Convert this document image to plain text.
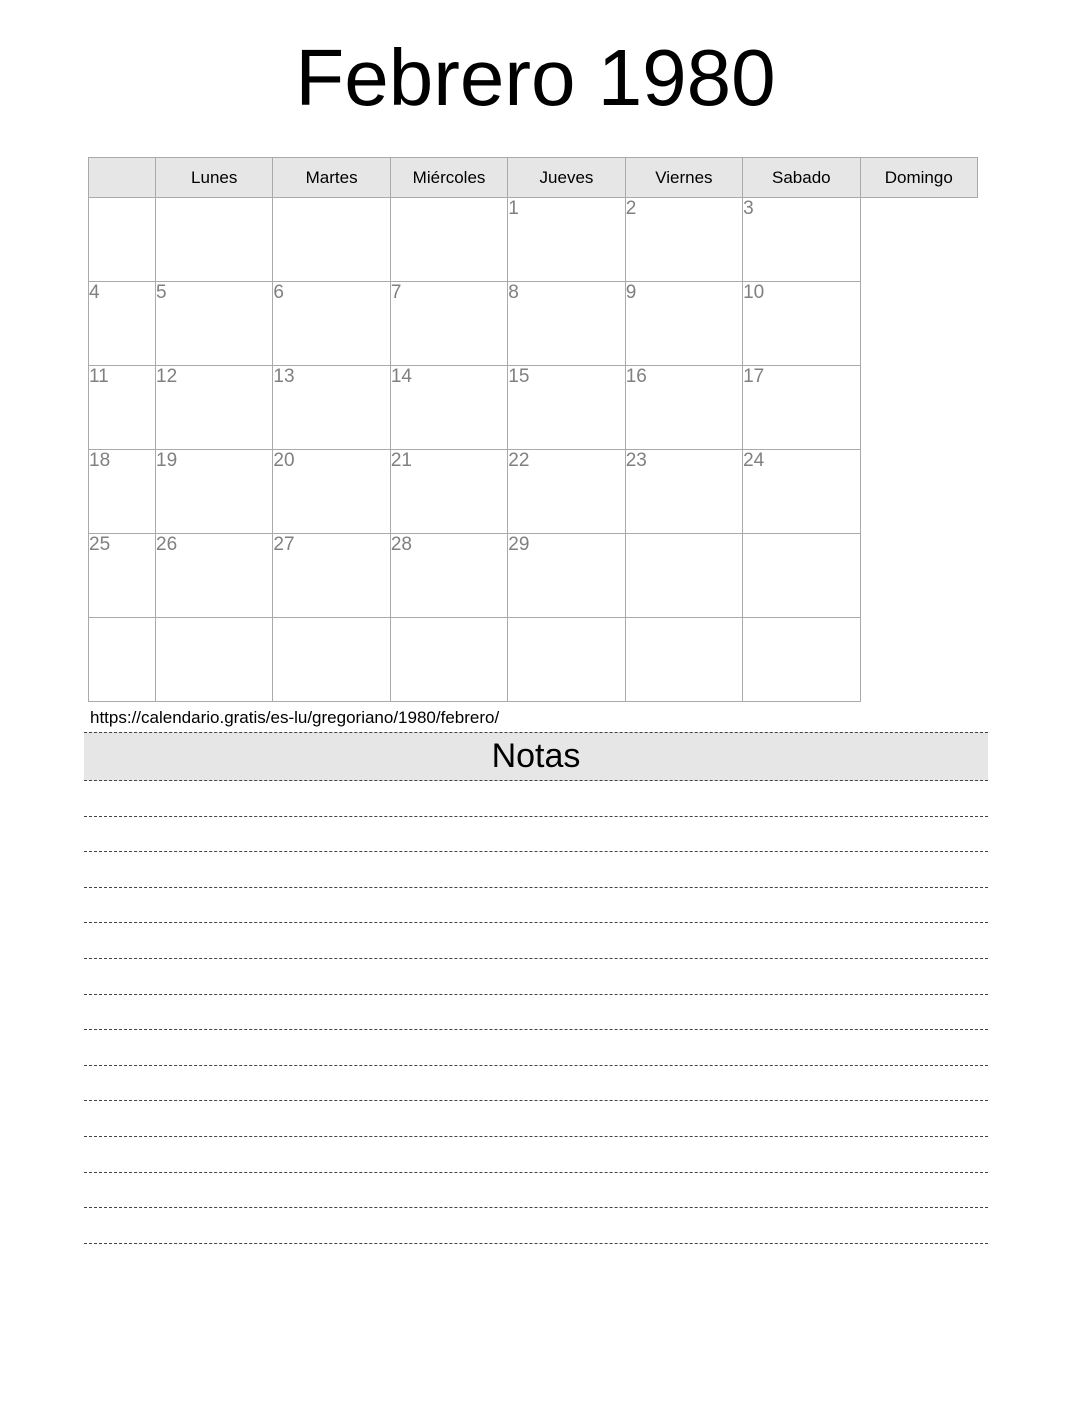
Febrero 1980
	Lunes	Martes	Miércoles	Jueves	Viernes	Sabado	Domingo
				1	2	3	
4	5	6	7	8	9	10	
11	12	13	14	15	16	17	
18	19	20	21	22	23	24	
25	26	27	28	29			

https://calendario.gratis/es-lu/gregoriano/1980/febrero/
Notas
